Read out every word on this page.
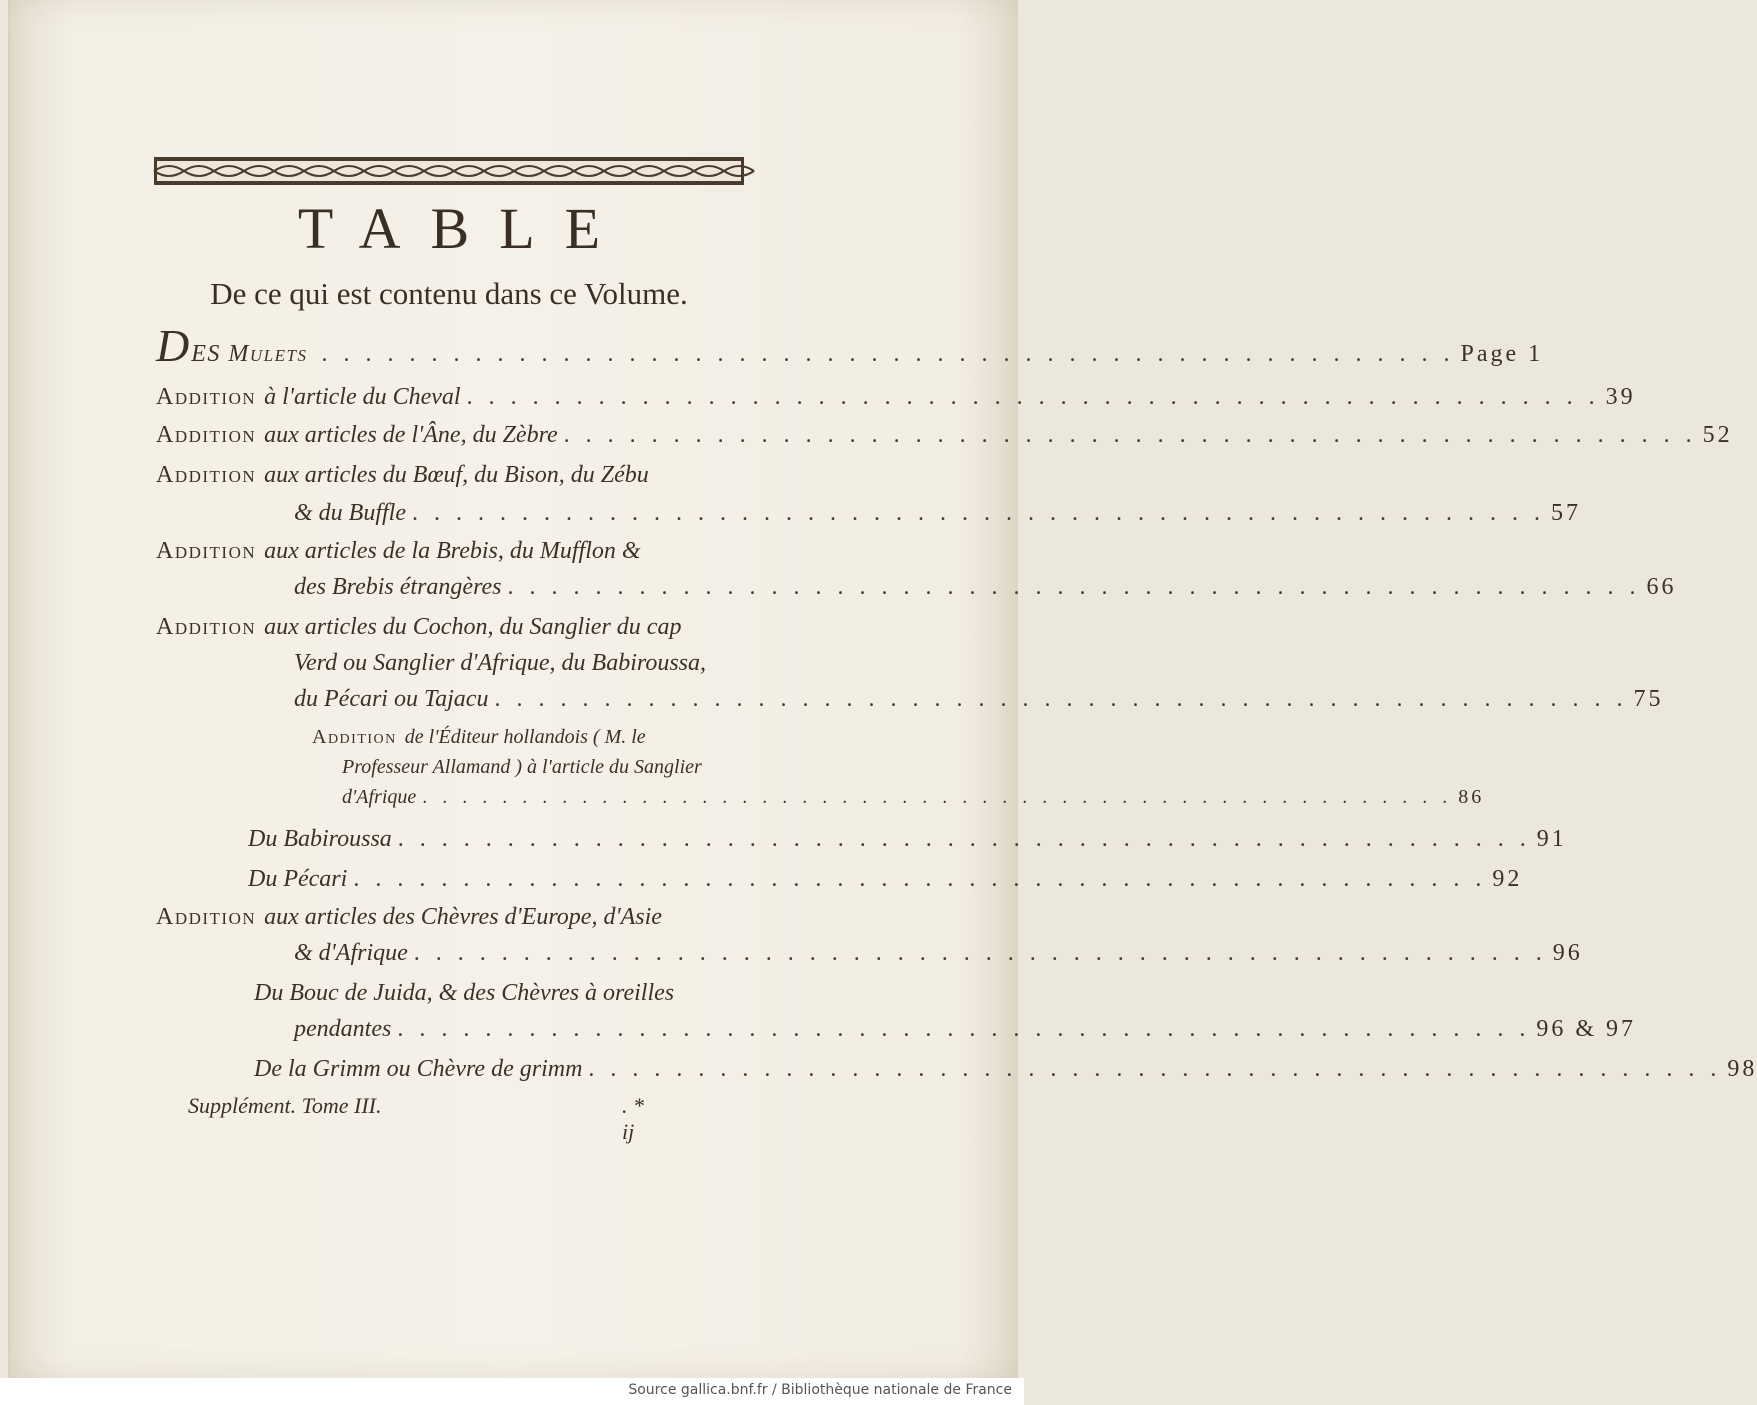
TABLE
De ce qui est contenu dans ce Volume.
D ES Mulets . . . . . . . . . . . . . . . . . . . . . . . . . . . . . . . . . . . . . . . . . . . . . . . . . . . . Page 1
Addition à l'article du Cheval . . . . . . . . . . . . . . . . . . . . . . . . . . . . . . . . . . . . . . . . . . . . . . . . . . . . 39
Addition aux articles de l'Âne, du Zèbre . . . . . . . . . . . . . . . . . . . . . . . . . . . . . . . . . . . . . . . . . . . . . . . . . . . . 52
Addition aux articles du Bœuf, du Bison, du Zébu
& du Buffle . . . . . . . . . . . . . . . . . . . . . . . . . . . . . . . . . . . . . . . . . . . . . . . . . . . . 57
Addition aux articles de la Brebis, du Mufflon &
des Brebis étrangères . . . . . . . . . . . . . . . . . . . . . . . . . . . . . . . . . . . . . . . . . . . . . . . . . . . . 66
Addition aux articles du Cochon, du Sanglier du cap
Verd ou Sanglier d'Afrique, du Babiroussa,
du Pécari ou Tajacu . . . . . . . . . . . . . . . . . . . . . . . . . . . . . . . . . . . . . . . . . . . . . . . . . . . . 75
Addition de l'Éditeur hollandois ( M. le
Professeur Allamand ) à l'article du Sanglier
d'Afrique . . . . . . . . . . . . . . . . . . . . . . . . . . . . . . . . . . . . . . . . . . . . . . . . . . . . 86
Du Babiroussa . . . . . . . . . . . . . . . . . . . . . . . . . . . . . . . . . . . . . . . . . . . . . . . . . . . . 91
Du Pécari . . . . . . . . . . . . . . . . . . . . . . . . . . . . . . . . . . . . . . . . . . . . . . . . . . . . 92
Addition aux articles des Chèvres d'Europe, d'Asie
& d'Afrique . . . . . . . . . . . . . . . . . . . . . . . . . . . . . . . . . . . . . . . . . . . . . . . . . . . . 96
Du Bouc de Juida, & des Chèvres à oreilles
pendantes . . . . . . . . . . . . . . . . . . . . . . . . . . . . . . . . . . . . . . . . . . . . . . . . . . . . 96 & 97
De la Grimm ou Chèvre de grimm . . . . . . . . . . . . . . . . . . . . . . . . . . . . . . . . . . . . . . . . . . . . . . . . . . . . 98
Supplément. Tome III.	. * ij
Source gallica.bnf.fr / Bibliothèque nationale de France
